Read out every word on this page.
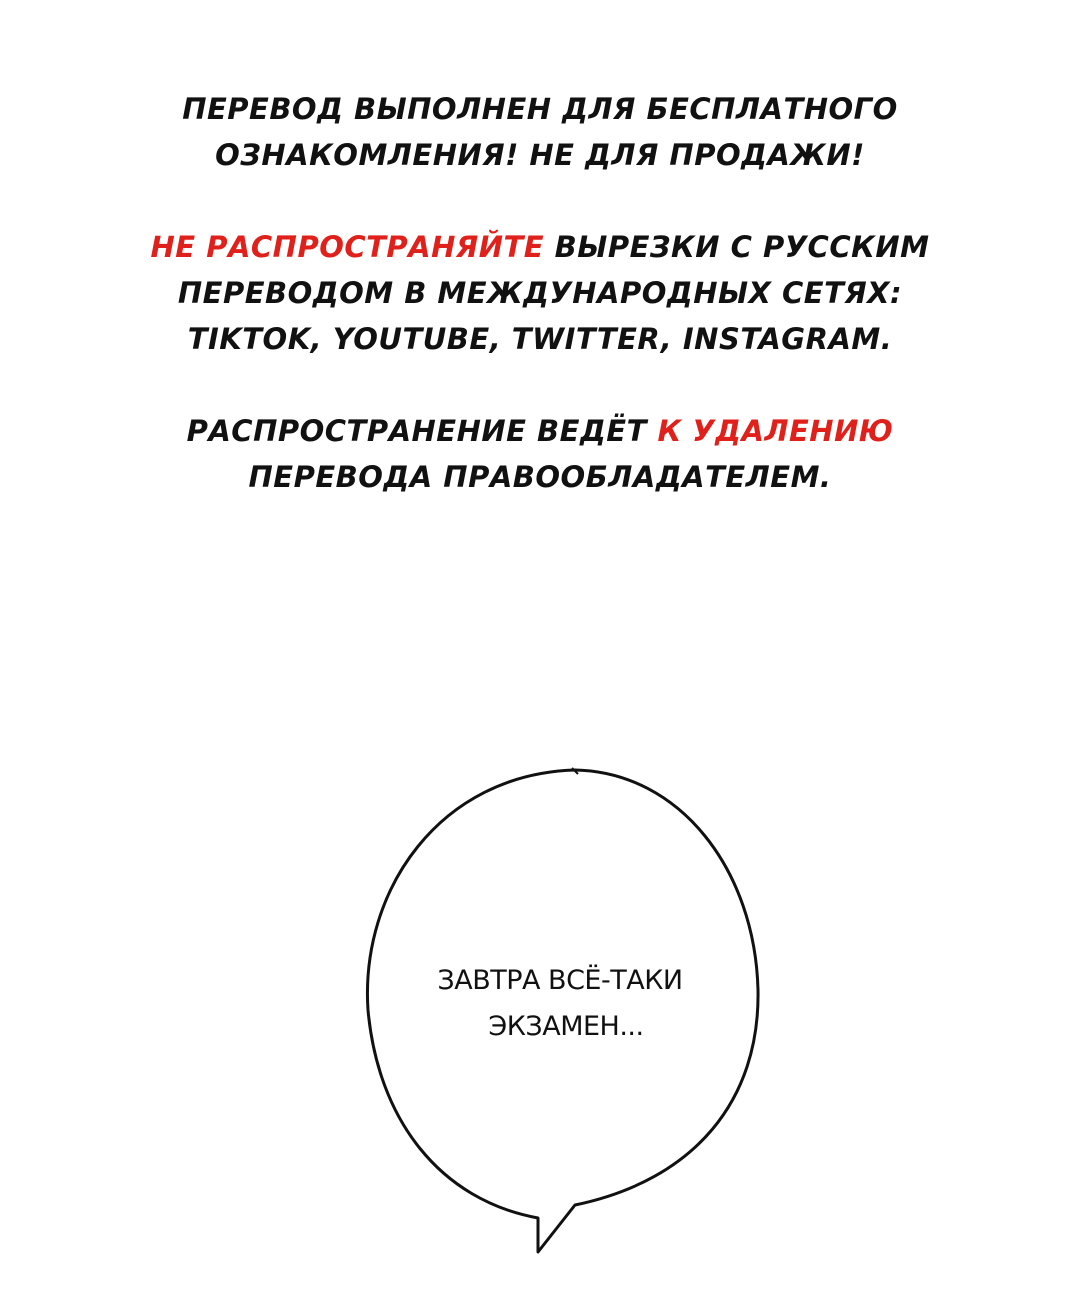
ПЕРЕВОД ВЫПОЛНЕН ДЛЯ БЕСПЛАТНОГО
ОЗНАКОМЛЕНИЯ! НЕ ДЛЯ ПРОДАЖИ!

НЕ РАСПРОСТРАНЯЙТЕ ВЫРЕЗКИ С РУССКИМ
ПЕРЕВОДОМ В МЕЖДУНАРОДНЫХ СЕТЯХ:
TIKTOK, YOUTUBE, TWITTER, INSTAGRAM.

РАСПРОСТРАНЕНИЕ ВЕДЁТ К УДАЛЕНИЮ
ПЕРЕВОДА ПРАВООБЛАДАТЕЛЕМ.

ЗАВТРА ВСЁ-ТАКИ
ЭКЗАМЕН...
